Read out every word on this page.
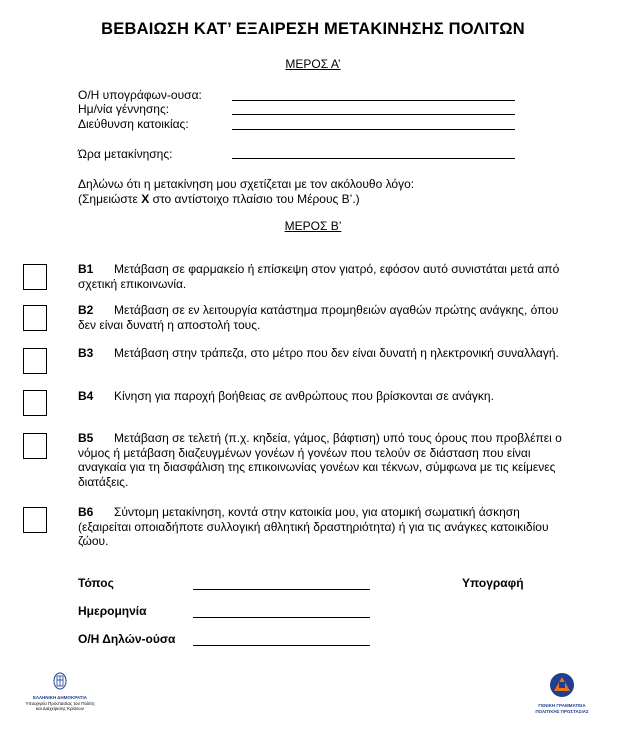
ΒΕΒΑΙΩΣΗ ΚΑΤ’ ΕΞΑΙΡΕΣΗ ΜΕΤΑΚΙΝΗΣΗΣ ΠΟΛΙΤΩΝ
ΜΕΡΟΣ Α’
Ο/Η υπογράφων-ουσα:
Ημ/νία γέννησης:
Διεύθυνση κατοικίας:
Ώρα μετακίνησης:
Δηλώνω ότι η μετακίνηση μου σχετίζεται με τον ακόλουθο λόγο:
(Σημειώστε Χ στο αντίστοιχο πλαίσιο του Μέρους Β’.)
ΜΕΡΟΣ Β’
Β1 Μετάβαση σε φαρμακείο ή επίσκεψη στον γιατρό, εφόσον αυτό συνιστάται μετά από σχετική επικοινωνία.
Β2 Μετάβαση σε εν λειτουργία κατάστημα προμηθειών αγαθών πρώτης ανάγκης, όπου δεν είναι δυνατή η αποστολή τους.
Β3 Μετάβαση στην τράπεζα, στο μέτρο που δεν είναι δυνατή η ηλεκτρονική συναλλαγή.
Β4 Κίνηση για παροχή βοήθειας σε ανθρώπους που βρίσκονται σε ανάγκη.
Β5 Μετάβαση σε τελετή (π.χ. κηδεία, γάμος, βάφτιση) υπό τους όρους που προβλέπει ο νόμος ή μετάβαση διαζευγμένων γονέων ή γονέων που τελούν σε διάσταση που είναι αναγκαία για τη διασφάλιση της επικοινωνίας γονέων και τέκνων, σύμφωνα με τις κείμενες διατάξεις.
Β6 Σύντομη μετακίνηση, κοντά στην κατοικία μου, για ατομική σωματική άσκηση (εξαιρείται οποιαδήποτε συλλογική αθλητική δραστηριότητα) ή για τις ανάγκες κατοικιδίου ζώου.
Τόπος	Υπογραφή
Ημερομηνία
Ο/Η Δηλών-ούσα
ΕΛΛΗΝΙΚΗ ΔΗΜΟΚΡΑΤΙΑ
Υπουργείο Προστασίας του Πολίτη
και Διαχείρισης Κρίσεων
ΓΕΝΙΚΗ ΓΡΑΜΜΑΤΕΙΑ
ΠΟΛΙΤΙΚΗΣ ΠΡΟΣΤΑΣΙΑΣ
